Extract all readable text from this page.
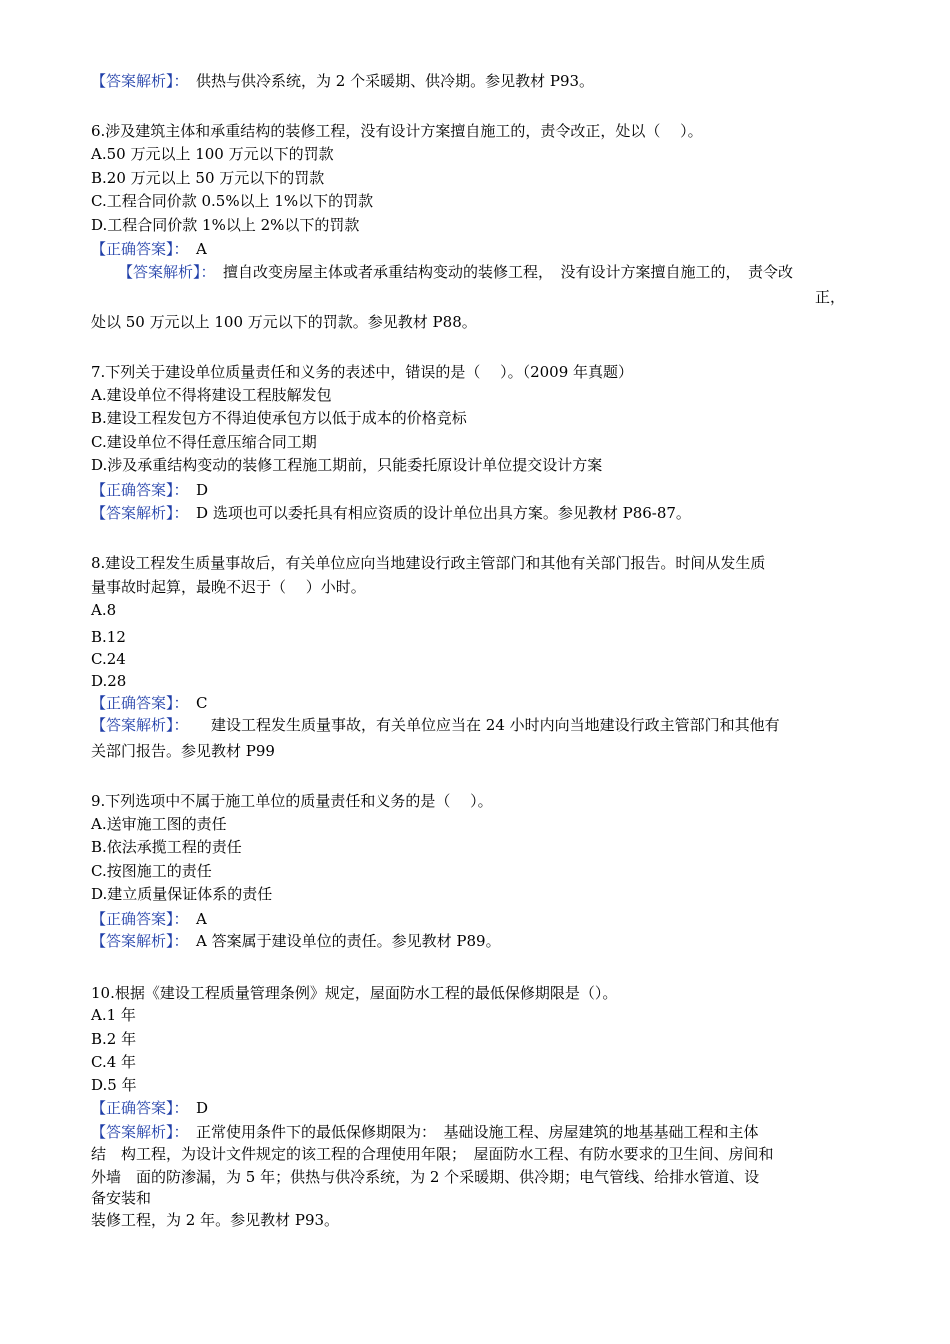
【答案解析】：　 供热与供冷系统，为 2 个采暖期、供冷期。参见教材 P93。
6.涉及建筑主体和承重结构的装修工程，没有设计方案擅自施工的，责令改正，处以（　 ）。
A.50 万元以上 100 万元以下的罚款
B.20 万元以上 50 万元以下的罚款
C.工程合同价款 0.5%以上 1%以下的罚款
D.工程合同价款 1%以上 2%以下的罚款
【正确答案】：　 A
【答案解析】：　 擅自改变房屋主体或者承重结构变动的装修工程，　没有设计方案擅自施工的，　责令改
正，
处以 50 万元以上 100 万元以下的罚款。参见教材 P88。
7.下列关于建设单位质量责任和义务的表述中，错误的是（　 ）。（2009 年真题）
A.建设单位不得将建设工程肢解发包
B.建设工程发包方不得迫使承包方以低于成本的价格竞标
C.建设单位不得任意压缩合同工期
D.涉及承重结构变动的装修工程施工期前，只能委托原设计单位提交设计方案
【正确答案】：　 D
【答案解析】：　 D 选项也可以委托具有相应资质的设计单位出具方案。参见教材 P86-87。
8.建设工程发生质量事故后，有关单位应向当地建设行政主管部门和其他有关部门报告。时间从发生质
量事故时起算，最晚不迟于（　 ）小时。
A.8
B.12
C.24
D.28
【正确答案】：　 C
【答案解析】：　　 建设工程发生质量事故，有关单位应当在 24 小时内向当地建设行政主管部门和其他有
关部门报告。参见教材 P99
9.下列选项中不属于施工单位的质量责任和义务的是（　 ）。
A.送审施工图的责任
B.依法承揽工程的责任
C.按图施工的责任
D.建立质量保证体系的责任
【正确答案】：　 A
【答案解析】：　 A 答案属于建设单位的责任。参见教材 P89。
10.根据《建设工程质量管理条例》规定，屋面防水工程的最低保修期限是（）。
A.1 年
B.2 年
C.4 年
D.5 年
【正确答案】：　 D
【答案解析】：　 正常使用条件下的最低保修期限为：　基础设施工程、房屋建筑的地基基础工程和主体
结　构工程，为设计文件规定的该工程的合理使用年限；　屋面防水工程、有防水要求的卫生间、房间和
外墙　面的防渗漏，为 5 年；供热与供冷系统，为 2 个采暖期、供冷期；电气管线、给排水管道、设
备安装和
装修工程，为 2 年。参见教材 P93。
